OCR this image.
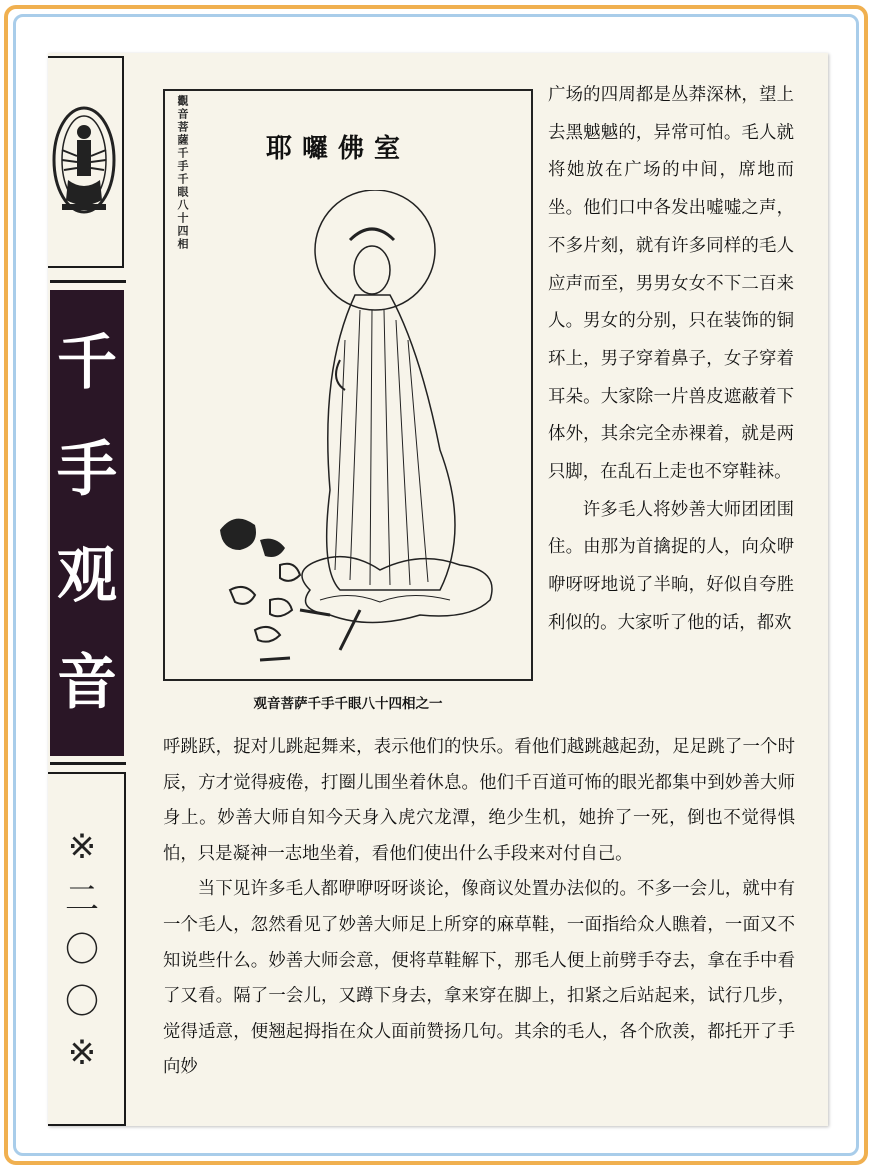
千
手
观
音
※
二
〇
〇
※
觀音菩薩千手千眼八十四相	耶囉佛室
观音菩萨千手千眼八十四相之一

广场的四周都是丛莽深林，望上去黑魆魆的，异常可怕。毛人就将她放在广场的中间，席地而坐。他们口中各发出嘘嘘之声，不多片刻，就有许多同样的毛人应声而至，男男女女不下二百来人。男女的分别，只在装饰的铜环上，男子穿着鼻子，女子穿着耳朵。大家除一片兽皮遮蔽着下体外，其余完全赤裸着，就是两只脚，在乱石上走也不穿鞋袜。

许多毛人将妙善大师团团围住。由那为首擒捉的人，向众咿咿呀呀地说了半晌，好似自夸胜利似的。大家听了他的话，都欢

呼跳跃，捉对儿跳起舞来，表示他们的快乐。看他们越跳越起劲，足足跳了一个时辰，方才觉得疲倦，打圈儿围坐着休息。他们千百道可怖的眼光都集中到妙善大师身上。妙善大师自知今天身入虎穴龙潭，绝少生机，她拚了一死，倒也不觉得惧怕，只是凝神一志地坐着，看他们使出什么手段来对付自己。

当下见许多毛人都咿咿呀呀谈论，像商议处置办法似的。不多一会儿，就中有一个毛人，忽然看见了妙善大师足上所穿的麻草鞋，一面指给众人瞧着，一面又不知说些什么。妙善大师会意，便将草鞋解下，那毛人便上前劈手夺去，拿在手中看了又看。隔了一会儿，又蹲下身去，拿来穿在脚上，扣紧之后站起来，试行几步，觉得适意，便翘起拇指在众人面前赞扬几句。其余的毛人，各个欣羡，都托开了手向妙
